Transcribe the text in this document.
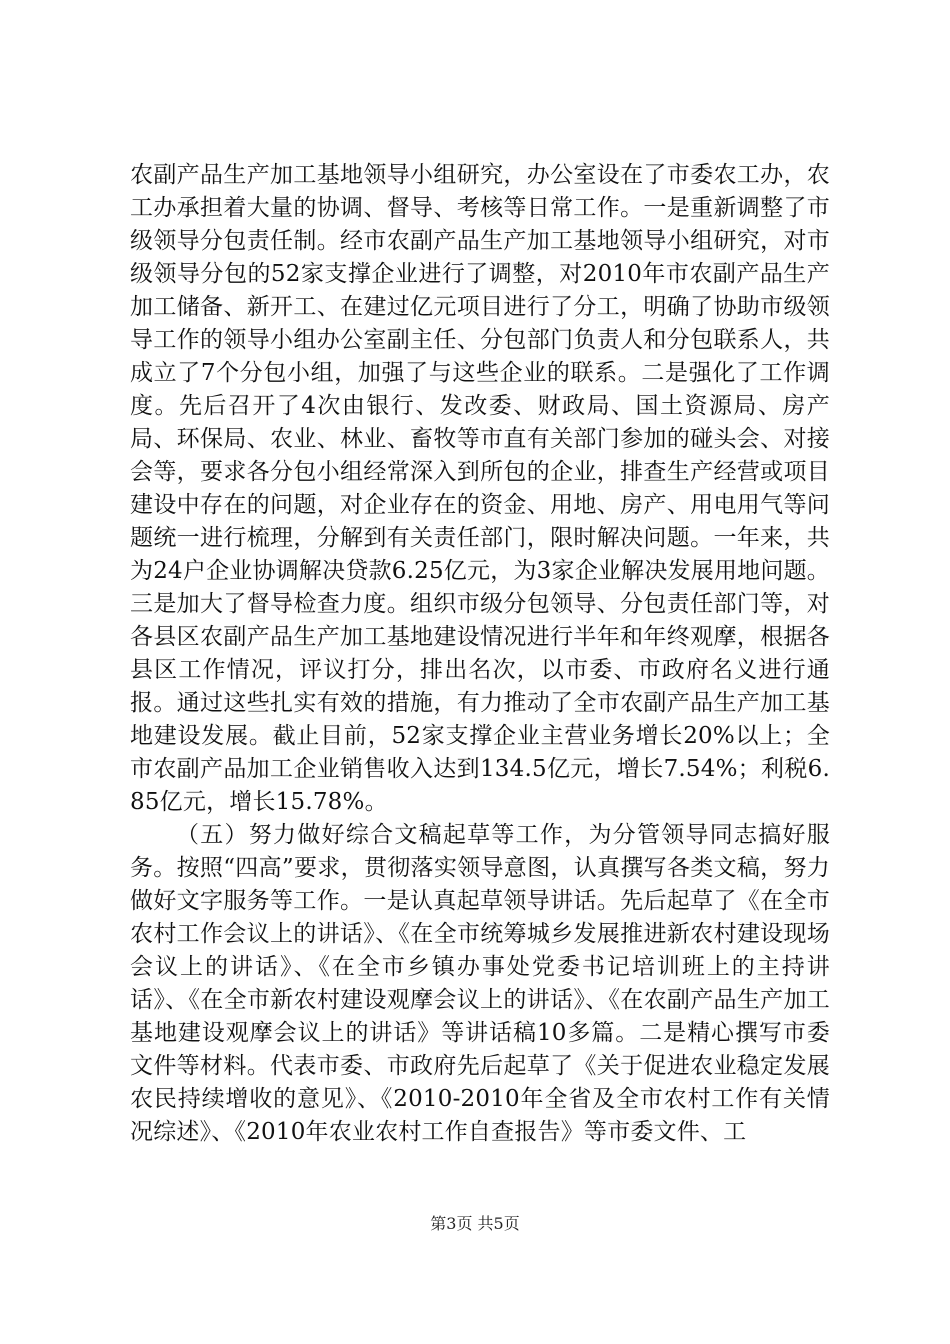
农副产品生产加工基地领导小组研究，办公室设在了市委农工办，农工办承担着大量的协调、督导、考核等日常工作。一是重新调整了市级领导分包责任制。经市农副产品生产加工基地领导小组研究，对市级领导分包的52家支撑企业进行了调整，对2010年市农副产品生产加工储备、新开工、在建过亿元项目进行了分工，明确了协助市级领导工作的领导小组办公室副主任、分包部门负责人和分包联系人，共成立了7个分包小组，加强了与这些企业的联系。二是强化了工作调度。先后召开了4次由银行、发改委、财政局、国土资源局、房产局、环保局、农业、林业、畜牧等市直有关部门参加的碰头会、对接会等，要求各分包小组经常深入到所包的企业，排查生产经营或项目建设中存在的问题，对企业存在的资金、用地、房产、用电用气等问题统一进行梳理，分解到有关责任部门，限时解决问题。一年来，共为24户企业协调解决贷款6.25亿元，为3家企业解决发展用地问题。三是加大了督导检查力度。组织市级分包领导、分包责任部门等，对各县区农副产品生产加工基地建设情况进行半年和年终观摩，根据各县区工作情况，评议打分，排出名次，以市委、市政府名义进行通报。通过这些扎实有效的措施，有力推动了全市农副产品生产加工基地建设发展。截止目前，52家支撑企业主营业务增长20%以上；全市农副产品加工企业销售收入达到134.5亿元，增长7.54%；利税6.85亿元，增长15.78%。

（五）努力做好综合文稿起草等工作，为分管领导同志搞好服务。按照“四高”要求，贯彻落实领导意图，认真撰写各类文稿，努力做好文字服务等工作。一是认真起草领导讲话。先后起草了《在全市农村工作会议上的讲话》、《在全市统筹城乡发展推进新农村建设现场会议上的讲话》、《在全市乡镇办事处党委书记培训班上的主持讲话》、《在全市新农村建设观摩会议上的讲话》、《在农副产品生产加工基地建设观摩会议上的讲话》等讲话稿10多篇。二是精心撰写市委文件等材料。代表市委、市政府先后起草了《关于促进农业稳定发展农民持续增收的意见》、《2010-2010年全省及全市农村工作有关情况综述》、《2010年农业农村工作自查报告》等市委文件、工

第3页 共5页
